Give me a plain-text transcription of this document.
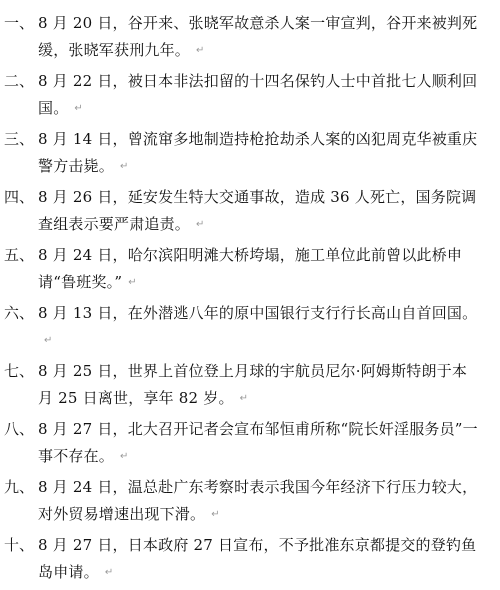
一、 8 月 20 日，谷开来、张晓军故意杀人案一审宣判，谷开来被判死缓，张晓军获刑九年。 ↵
二、 8 月 22 日，被日本非法扣留的十四名保钓人士中首批七人顺利回国。 ↵
三、 8 月 14 日，曾流窜多地制造持枪抢劫杀人案的凶犯周克华被重庆警方击毙。 ↵
四、 8 月 26 日，延安发生特大交通事故，造成 36 人死亡，国务院调查组表示要严肃追责。 ↵
五、 8 月 24 日，哈尔滨阳明滩大桥垮塌，施工单位此前曾以此桥申请“鲁班奖。” ↵
六、 8 月 13 日，在外潜逃八年的原中国银行支行行长高山自首回国。↵
七、 8 月 25 日，世界上首位登上月球的宇航员尼尔·阿姆斯特朗于本月 25 日离世，享年 82 岁。 ↵
八、 8 月 27 日，北大召开记者会宣布邹恒甫所称“院长奸淫服务员”一事不存在。 ↵
九、 8 月 24 日，温总赴广东考察时表示我国今年经济下行压力较大，对外贸易增速出现下滑。 ↵
十、 8 月 27 日，日本政府 27 日宣布，不予批准东京都提交的登钓鱼岛申请。 ↵
